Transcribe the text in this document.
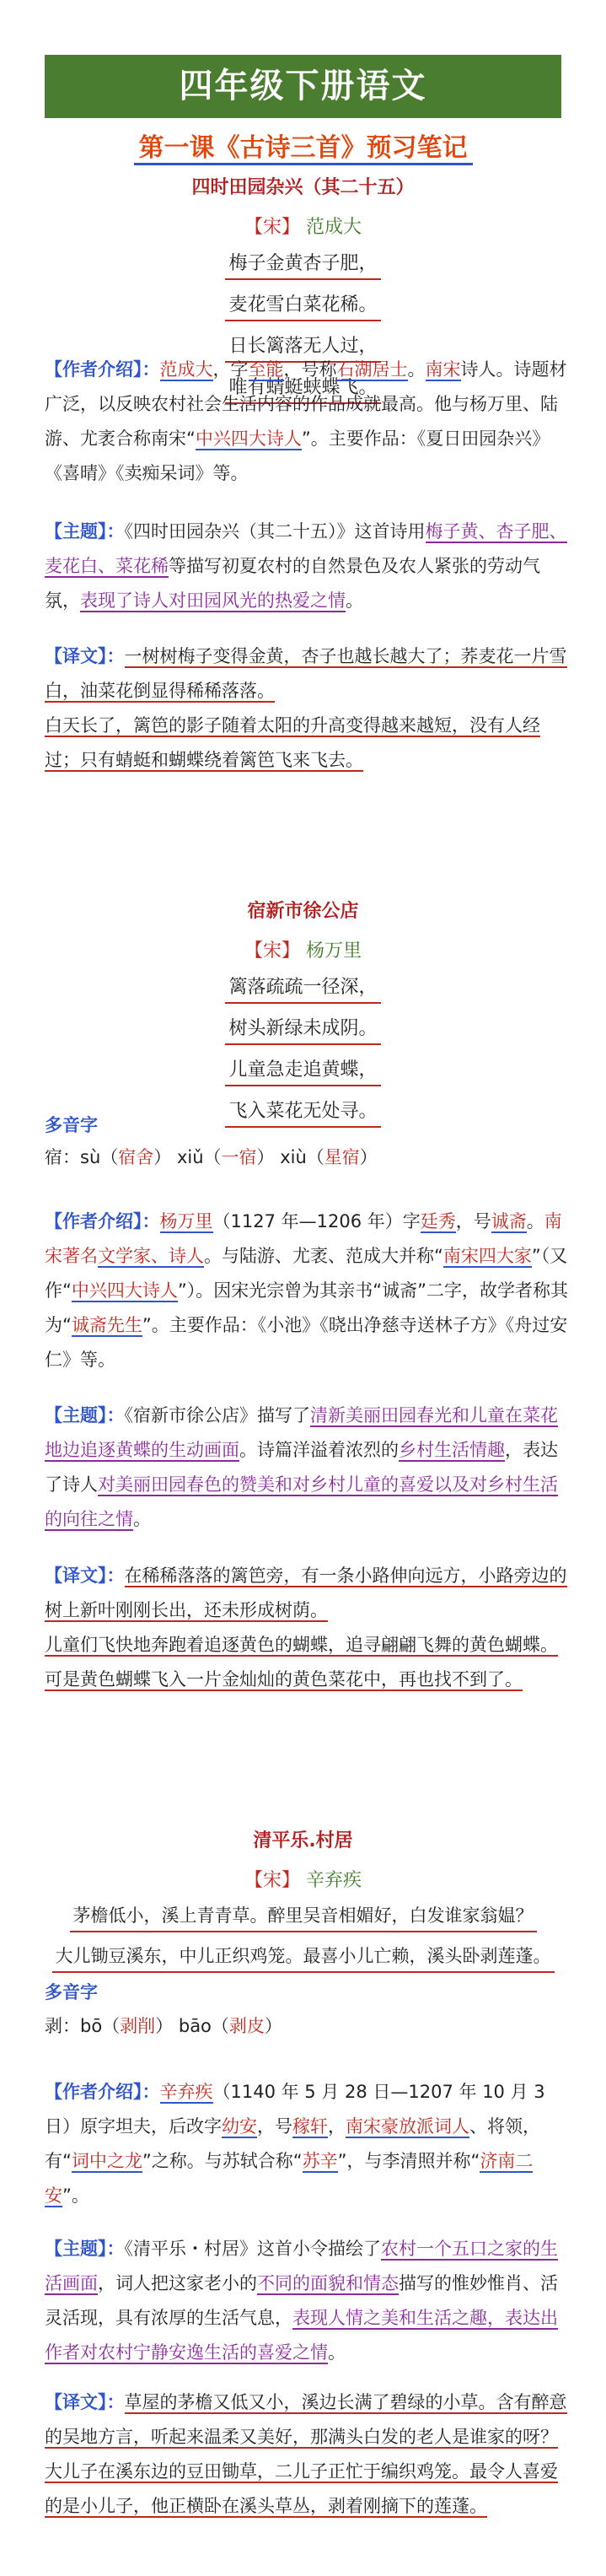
四年级下册语文
第一课《古诗三首》预习笔记
四时田园杂兴（其二十五）
【宋】 范成大
梅子金黄杏子肥，
麦花雪白菜花稀。
日长篱落无人过，
唯有蜻蜓蛱蝶飞。
【作者介绍】：范成大，字至能，号称石湖居士。南宋诗人。诗题材广泛，以反映农村社会生活内容的作品成就最高。他与杨万里、陆游、尤袤合称南宋“中兴四大诗人”。主要作品：《夏日田园杂兴》《喜晴》《卖痴呆词》等。
【主题】：《四时田园杂兴（其二十五）》这首诗用梅子黄、杏子肥、麦花白、菜花稀等描写初夏农村的自然景色及农人紧张的劳动气氛，表现了诗人对田园风光的热爱之情。
【译文】：一树树梅子变得金黄，杏子也越长越大了；荞麦花一片雪白，油菜花倒显得稀稀落落。
白天长了，篱笆的影子随着太阳的升高变得越来越短，没有人经过；只有蜻蜓和蝴蝶绕着篱笆飞来飞去。
宿新市徐公店
【宋】 杨万里
篱落疏疏一径深，
树头新绿未成阴。
儿童急走追黄蝶，
飞入菜花无处寻。
多音字
宿：sù（宿舍） xiǔ（一宿） xiù（星宿）
【作者介绍】：杨万里（1127 年—1206 年）字廷秀，号诚斋。南宋著名文学家、诗人。与陆游、尤袤、范成大并称“南宋四大家”（又作“中兴四大诗人”）。因宋光宗曾为其亲书“诚斋”二字，故学者称其为“诚斋先生”。主要作品：《小池》《晓出净慈寺送林子方》《舟过安仁》等。
【主题】：《宿新市徐公店》描写了清新美丽田园春光和儿童在菜花地边追逐黄蝶的生动画面。诗篇洋溢着浓烈的乡村生活情趣，表达了诗人对美丽田园春色的赞美和对乡村儿童的喜爱以及对乡村生活的向往之情。
【译文】：在稀稀落落的篱笆旁，有一条小路伸向远方，小路旁边的树上新叶刚刚长出，还未形成树荫。
儿童们飞快地奔跑着追逐黄色的蝴蝶，追寻翩翩飞舞的黄色蝴蝶。可是黄色蝴蝶飞入一片金灿灿的黄色菜花中，再也找不到了。
清平乐.村居
【宋】 辛弃疾
茅檐低小，溪上青青草。醉里吴音相媚好，白发谁家翁媪？
大儿锄豆溪东，中儿正织鸡笼。最喜小儿亡赖，溪头卧剥莲蓬。
多音字
剥：bō（剥削） bāo（剥皮）
【作者介绍】：辛弃疾（1140 年 5 月 28 日—1207 年 10 月 3 日）原字坦夫，后改字幼安，号稼轩，南宋豪放派词人、将领，有“词中之龙”之称。与苏轼合称“苏辛”，与李清照并称“济南二安”。
【主题】：《清平乐・村居》这首小令描绘了农村一个五口之家的生活画面，词人把这家老小的不同的面貌和情态描写的惟妙惟肖、活灵活现，具有浓厚的生活气息，表现人情之美和生活之趣，表达出作者对农村宁静安逸生活的喜爱之情。
【译文】：草屋的茅檐又低又小，溪边长满了碧绿的小草。含有醉意的吴地方言，听起来温柔又美好，那满头白发的老人是谁家的呀？大儿子在溪东边的豆田锄草，二儿子正忙于编织鸡笼。最令人喜爱的是小儿子，他正横卧在溪头草丛，剥着刚摘下的莲蓬。
